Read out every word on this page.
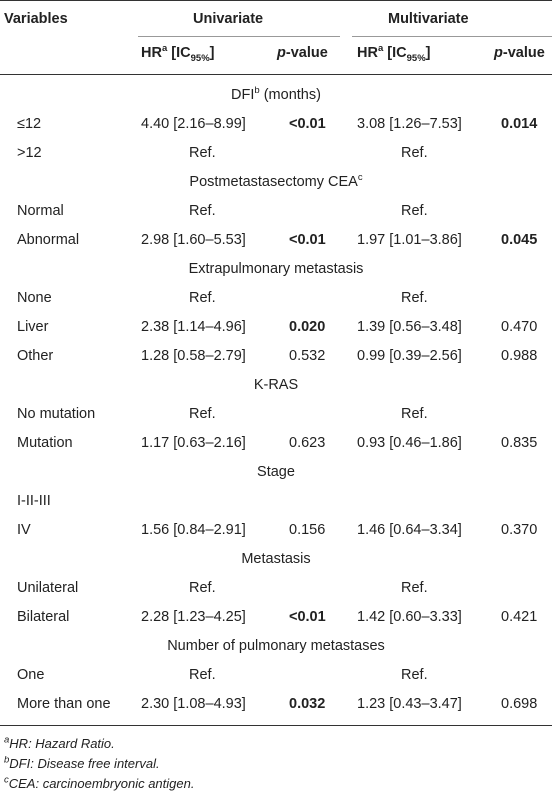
Variables	Univariate	Multivariate
$HR^a$ $[IC_{95\%}]$	p-value $HR^a$ $[IC_{95\%}]$	p-value
DFI$^b$ (months)
≤12	4.40 [2.16–8.99]	<0.01 3.08 [1.26–7.53]	0.014
>12	Ref.	Ref.
Postmetastasectomy CEA$^c$
Normal	Ref.	Ref.
Abnormal	2.98 [1.60–5.53]	<0.01 1.97 [1.01–3.86]	0.045
Extrapulmonary metastasis
None	Ref.	Ref.
Liver	2.38 [1.14–4.96]	0.020 1.39 [0.56–3.48]	0.470
Other	1.28 [0.58–2.79]	0.532 0.99 [0.39–2.56]	0.988
K-RAS
No mutation	Ref.	Ref.
Mutation	1.17 [0.63–2.16]	0.623 0.93 [0.46–1.86]	0.835
Stage
I-II-III
IV	1.56 [0.84–2.91]	0.156 1.46 [0.64–3.34]	0.370
Metastasis
Unilateral	Ref.	Ref.
Bilateral	2.28 [1.23–4.25]	<0.01 1.42 [0.60–3.33]	0.421
Number of pulmonary metastases
One	Ref.	Ref.
More than one 2.30 [1.08–4.93]	0.032 1.23 [0.43–3.47]	0.698
$^a$HR: Hazard Ratio.
$^b$DFI: Disease free interval.
$^c$CEA: carcinoembryonic antigen.
